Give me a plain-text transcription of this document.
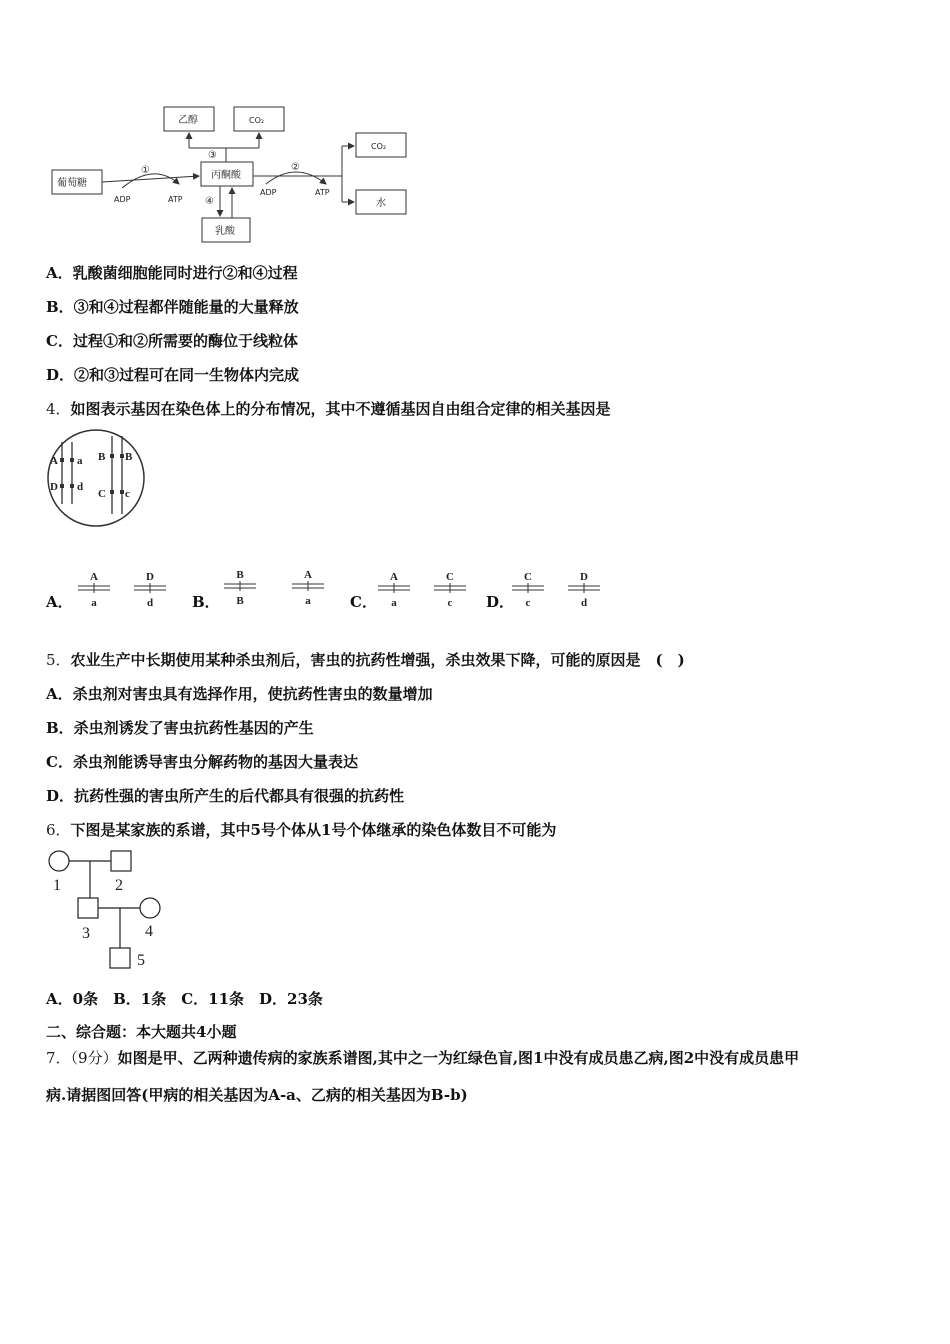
葡萄糖
乙醇	CO₂
丙酮酸
CO₂
水
乳酸
①	②
③
④
ADP	ATP
ADP	ATP
A．乳酸菌细胞能同时进行②和④过程
B．③和④过程都伴随能量的大量释放
C．过程①和②所需要的酶位于线粒体
D．②和③过程可在同一生物体内完成
4．如图表示基因在染色体上的分布情况，其中不遵循基因自由组合定律的相关基因是
A a
D d
B B
C c
A．	B．	C．	D．
A
a
D
d
B
B
A
a
A
a
C
c
C
c
D
d
5．农业生产中长期使用某种杀虫剂后，害虫的抗药性增强，杀虫效果下降，可能的原因是　(　)
A．杀虫剂对害虫具有选择作用，使抗药性害虫的数量增加
B．杀虫剂诱发了害虫抗药性基因的产生
C．杀虫剂能诱导害虫分解药物的基因大量表达
D．抗药性强的害虫所产生的后代都具有很强的抗药性
6．下图是某家族的系谱，其中5号个体从1号个体继承的染色体数目不可能为
1	2
3	4
5
A．0条　B．1条　C．11条　D．23条
二、综合题：本大题共4小题
7．（9分）如图是甲、乙两种遗传病的家族系谱图,其中之一为红绿色盲,图1中没有成员患乙病,图2中没有成员患甲
病.请据图回答(甲病的相关基因为A-a、乙病的相关基因为B-b)
